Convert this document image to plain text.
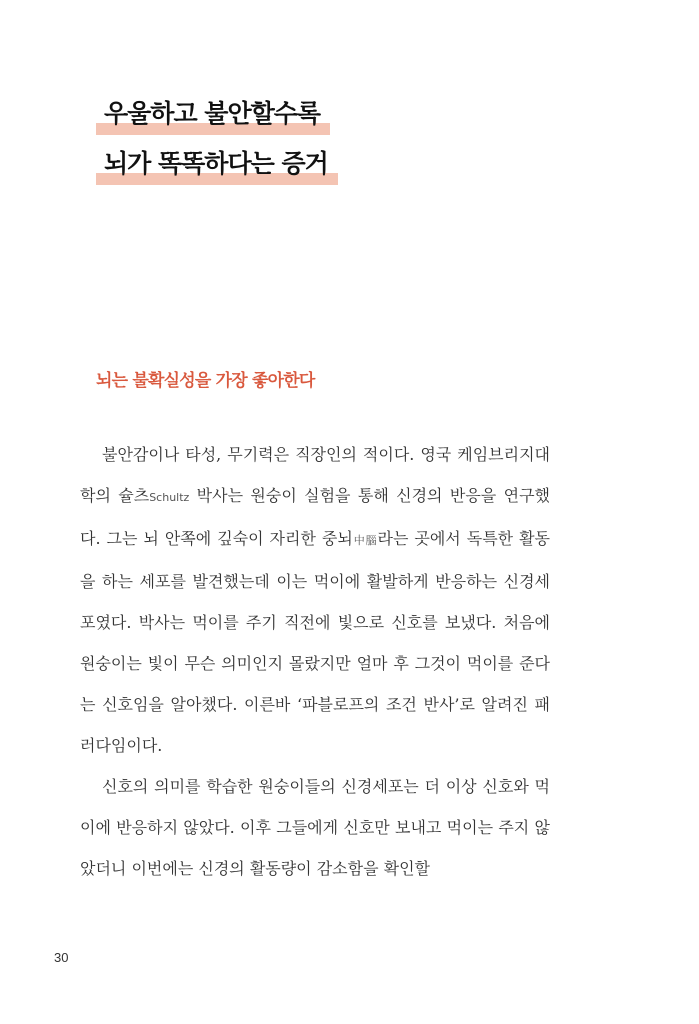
우울하고 불안할수록
뇌가 똑똑하다는 증거
뇌는 불확실성을 가장 좋아한다

불안감이나 타성, 무기력은 직장인의 적이다. 영국 케임브리지대학의 슐츠Schultz 박사는 원숭이 실험을 통해 신경의 반응을 연구했다. 그는 뇌 안쪽에 깊숙이 자리한 중뇌中腦라는 곳에서 독특한 활동을 하는 세포를 발견했는데 이는 먹이에 활발하게 반응하는 신경세포였다. 박사는 먹이를 주기 직전에 빛으로 신호를 보냈다. 처음에 원숭이는 빛이 무슨 의미인지 몰랐지만 얼마 후 그것이 먹이를 준다는 신호임을 알아챘다. 이른바 ‘파블로프의 조건 반사’로 알려진 패러다임이다.

신호의 의미를 학습한 원숭이들의 신경세포는 더 이상 신호와 먹이에 반응하지 않았다. 이후 그들에게 신호만 보내고 먹이는 주지 않았더니 이번에는 신경의 활동량이 감소함을 확인할

30
